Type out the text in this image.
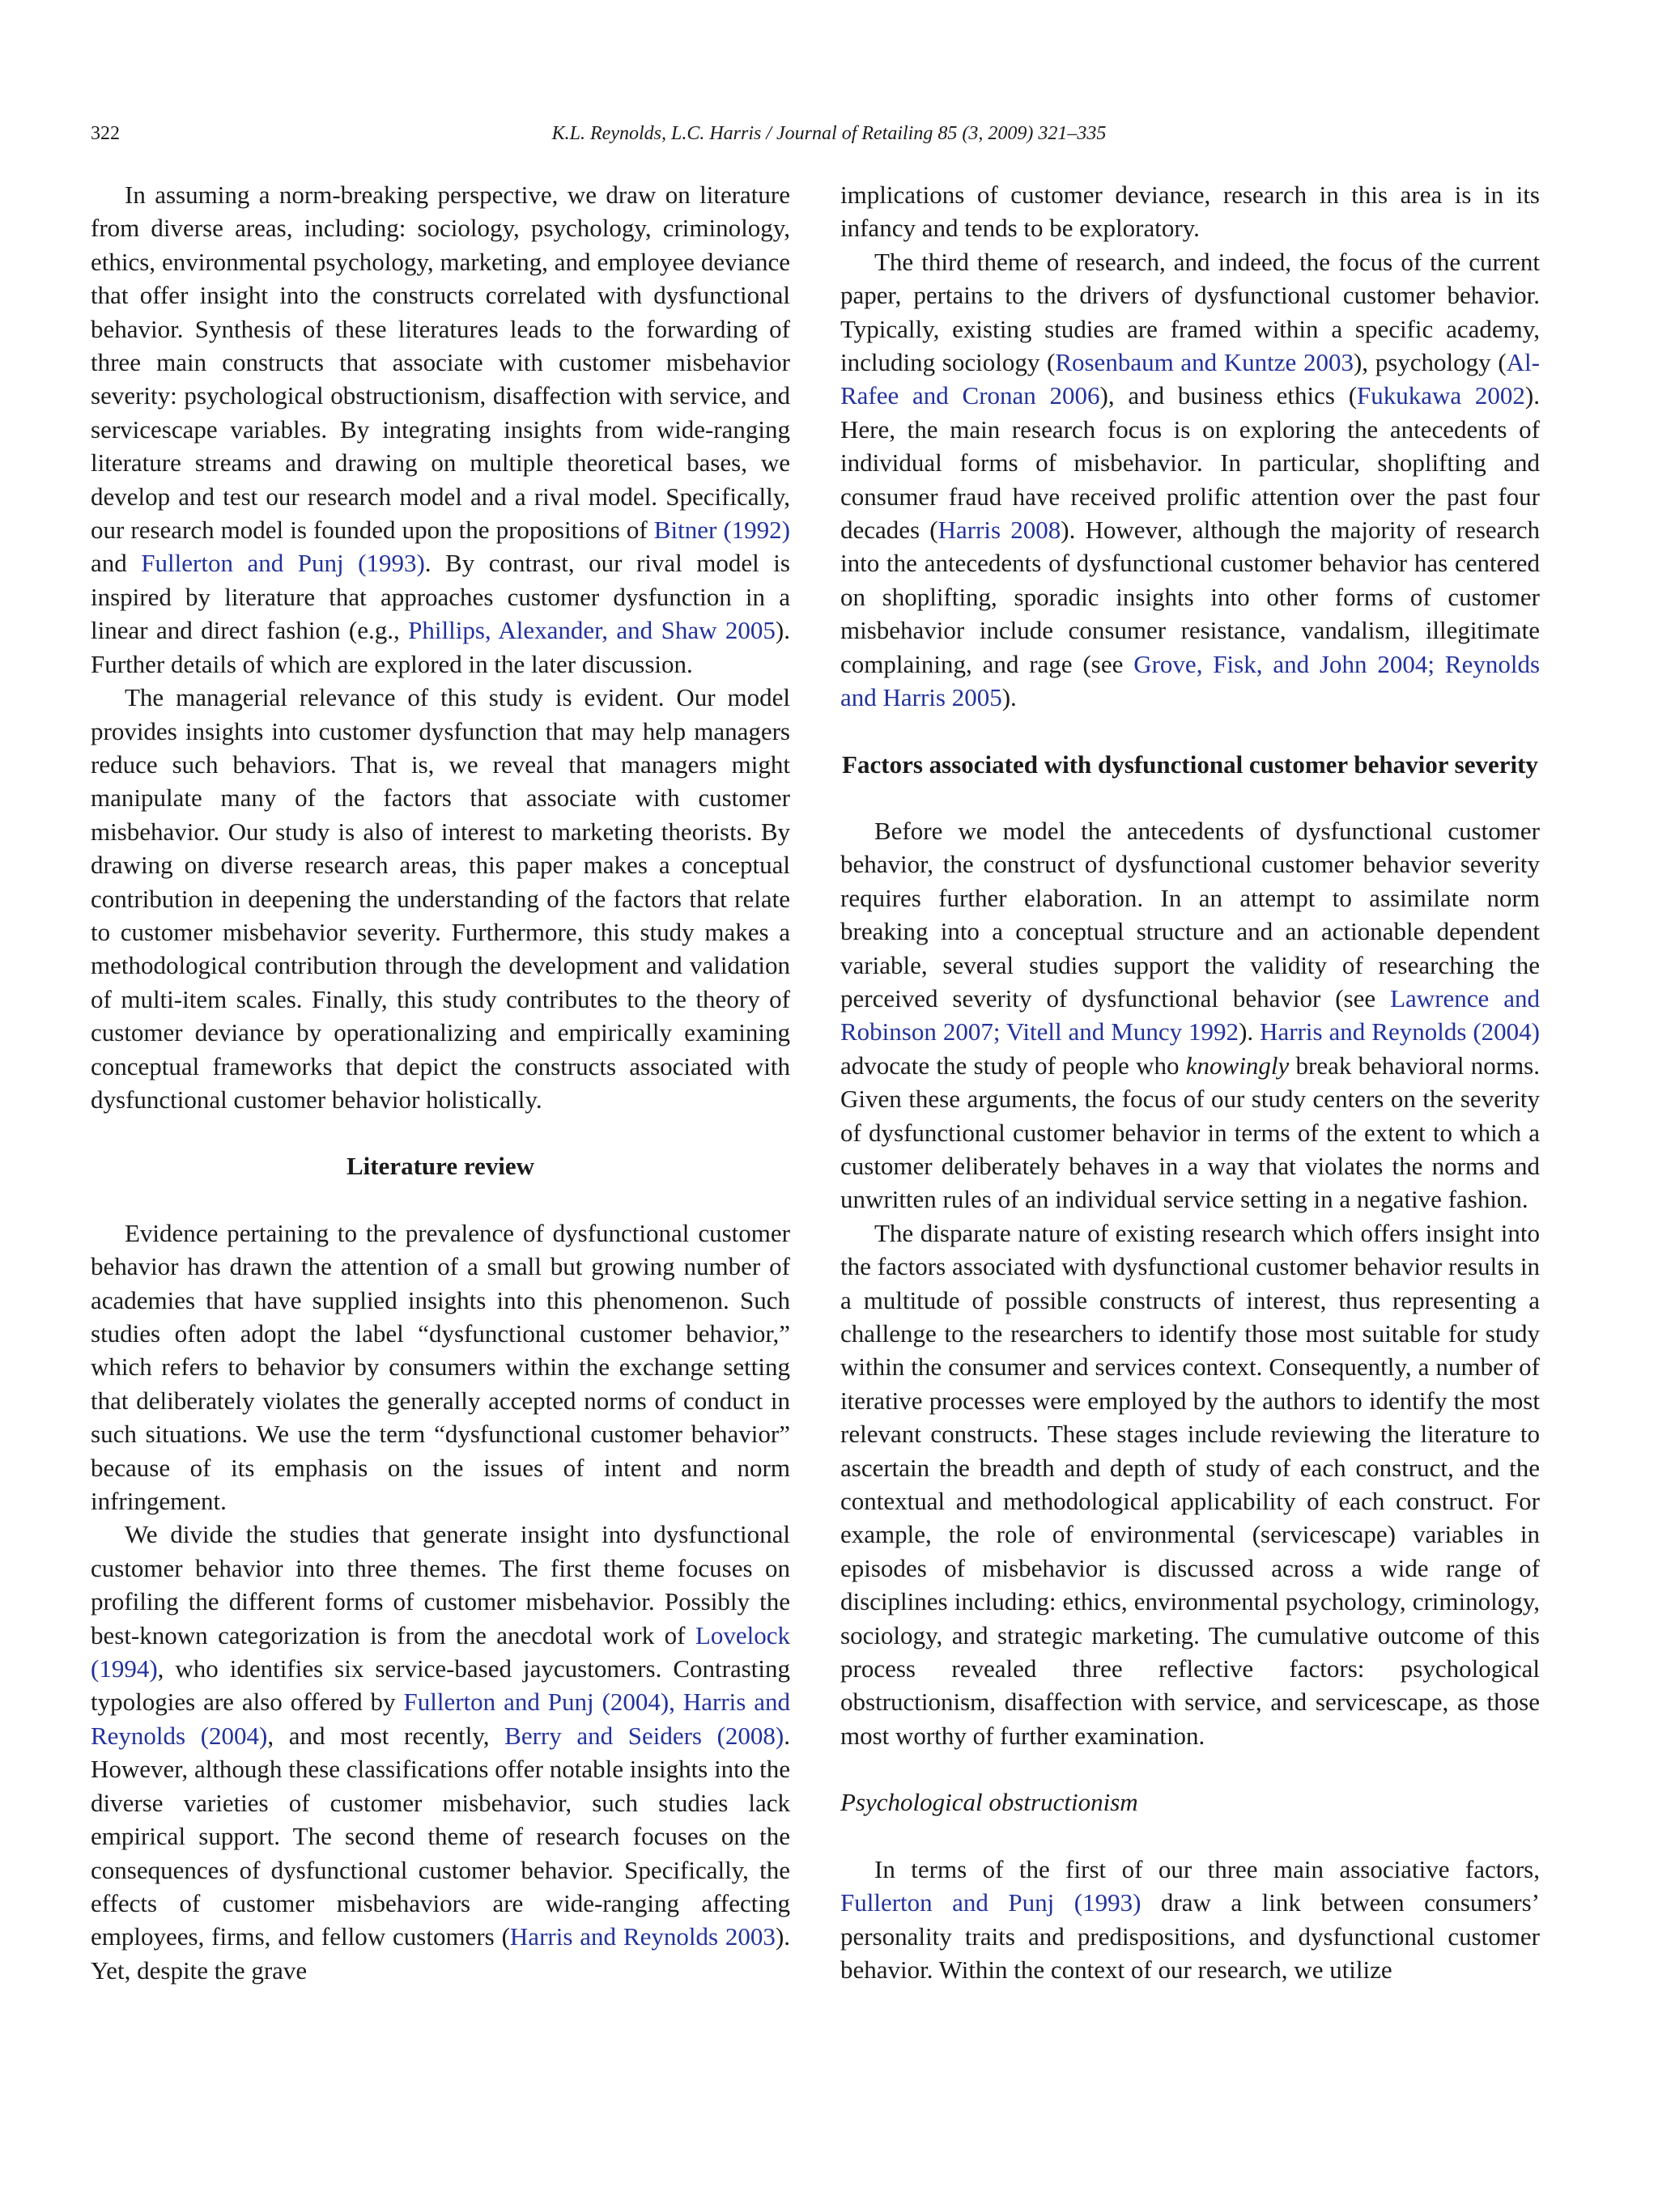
322	K.L. Reynolds, L.C. Harris / Journal of Retailing 85 (3, 2009) 321–335

In assuming a norm-breaking perspective, we draw on literature from diverse areas, including: sociology, psychology, criminology, ethics, environmental psychology, marketing, and employee deviance that offer insight into the constructs correlated with dysfunctional behavior. Synthesis of these literatures leads to the forwarding of three main constructs that associate with customer misbehavior severity: psychological obstructionism, disaffection with service, and servicescape variables. By integrating insights from wide-ranging literature streams and drawing on multiple theoretical bases, we develop and test our research model and a rival model. Specifically, our research model is founded upon the propositions of Bitner (1992) and Fullerton and Punj (1993). By contrast, our rival model is inspired by literature that approaches customer dysfunction in a linear and direct fashion (e.g., Phillips, Alexander, and Shaw 2005). Further details of which are explored in the later discussion.

The managerial relevance of this study is evident. Our model provides insights into customer dysfunction that may help managers reduce such behaviors. That is, we reveal that managers might manipulate many of the factors that associate with customer misbehavior. Our study is also of interest to marketing theorists. By drawing on diverse research areas, this paper makes a conceptual contribution in deepening the understanding of the factors that relate to customer misbehavior severity. Furthermore, this study makes a methodological contribution through the development and validation of multi-item scales. Finally, this study contributes to the theory of customer deviance by operationalizing and empirically examining conceptual frameworks that depict the constructs associated with dysfunctional customer behavior holistically.

Literature review

Evidence pertaining to the prevalence of dysfunctional customer behavior has drawn the attention of a small but growing number of academies that have supplied insights into this phenomenon. Such studies often adopt the label “dysfunctional customer behavior,” which refers to behavior by consumers within the exchange setting that deliberately violates the generally accepted norms of conduct in such situations. We use the term “dysfunctional customer behavior” because of its emphasis on the issues of intent and norm infringement.

We divide the studies that generate insight into dysfunctional customer behavior into three themes. The first theme focuses on profiling the different forms of customer misbehavior. Possibly the best-known categorization is from the anecdotal work of Lovelock (1994), who identifies six service-based jaycustomers. Contrasting typologies are also offered by Fullerton and Punj (2004), Harris and Reynolds (2004), and most recently, Berry and Seiders (2008). However, although these classifications offer notable insights into the diverse varieties of customer misbehavior, such studies lack empirical support. The second theme of research focuses on the consequences of dysfunctional customer behavior. Specifically, the effects of customer misbehaviors are wide-ranging affecting employees, firms, and fellow customers (Harris and Reynolds 2003). Yet, despite the grave

implications of customer deviance, research in this area is in its infancy and tends to be exploratory.

The third theme of research, and indeed, the focus of the current paper, pertains to the drivers of dysfunctional customer behavior. Typically, existing studies are framed within a specific academy, including sociology (Rosenbaum and Kuntze 2003), psychology (Al-Rafee and Cronan 2006), and business ethics (Fukukawa 2002). Here, the main research focus is on exploring the antecedents of individual forms of misbehavior. In particular, shoplifting and consumer fraud have received prolific attention over the past four decades (Harris 2008). However, although the majority of research into the antecedents of dysfunctional customer behavior has centered on shoplifting, sporadic insights into other forms of customer misbehavior include consumer resistance, vandalism, illegitimate complaining, and rage (see Grove, Fisk, and John 2004; Reynolds and Harris 2005).

Factors associated with dysfunctional customer behavior severity

Before we model the antecedents of dysfunctional customer behavior, the construct of dysfunctional customer behavior severity requires further elaboration. In an attempt to assimilate norm breaking into a conceptual structure and an actionable dependent variable, several studies support the validity of researching the perceived severity of dysfunctional behavior (see Lawrence and Robinson 2007; Vitell and Muncy 1992). Harris and Reynolds (2004) advocate the study of people who knowingly break behavioral norms. Given these arguments, the focus of our study centers on the severity of dysfunctional customer behavior in terms of the extent to which a customer deliberately behaves in a way that violates the norms and unwritten rules of an individual service setting in a negative fashion.

The disparate nature of existing research which offers insight into the factors associated with dysfunctional customer behavior results in a multitude of possible constructs of interest, thus representing a challenge to the researchers to identify those most suitable for study within the consumer and services context. Consequently, a number of iterative processes were employed by the authors to identify the most relevant constructs. These stages include reviewing the literature to ascertain the breadth and depth of study of each construct, and the contextual and methodological applicability of each construct. For example, the role of environmental (servicescape) variables in episodes of misbehavior is discussed across a wide range of disciplines including: ethics, environmental psychology, criminology, sociology, and strategic marketing. The cumulative outcome of this process revealed three reflective factors: psychological obstructionism, disaffection with service, and servicescape, as those most worthy of further examination.

Psychological obstructionism

In terms of the first of our three main associative factors, Fullerton and Punj (1993) draw a link between consumers’ personality traits and predispositions, and dysfunctional customer behavior. Within the context of our research, we utilize
